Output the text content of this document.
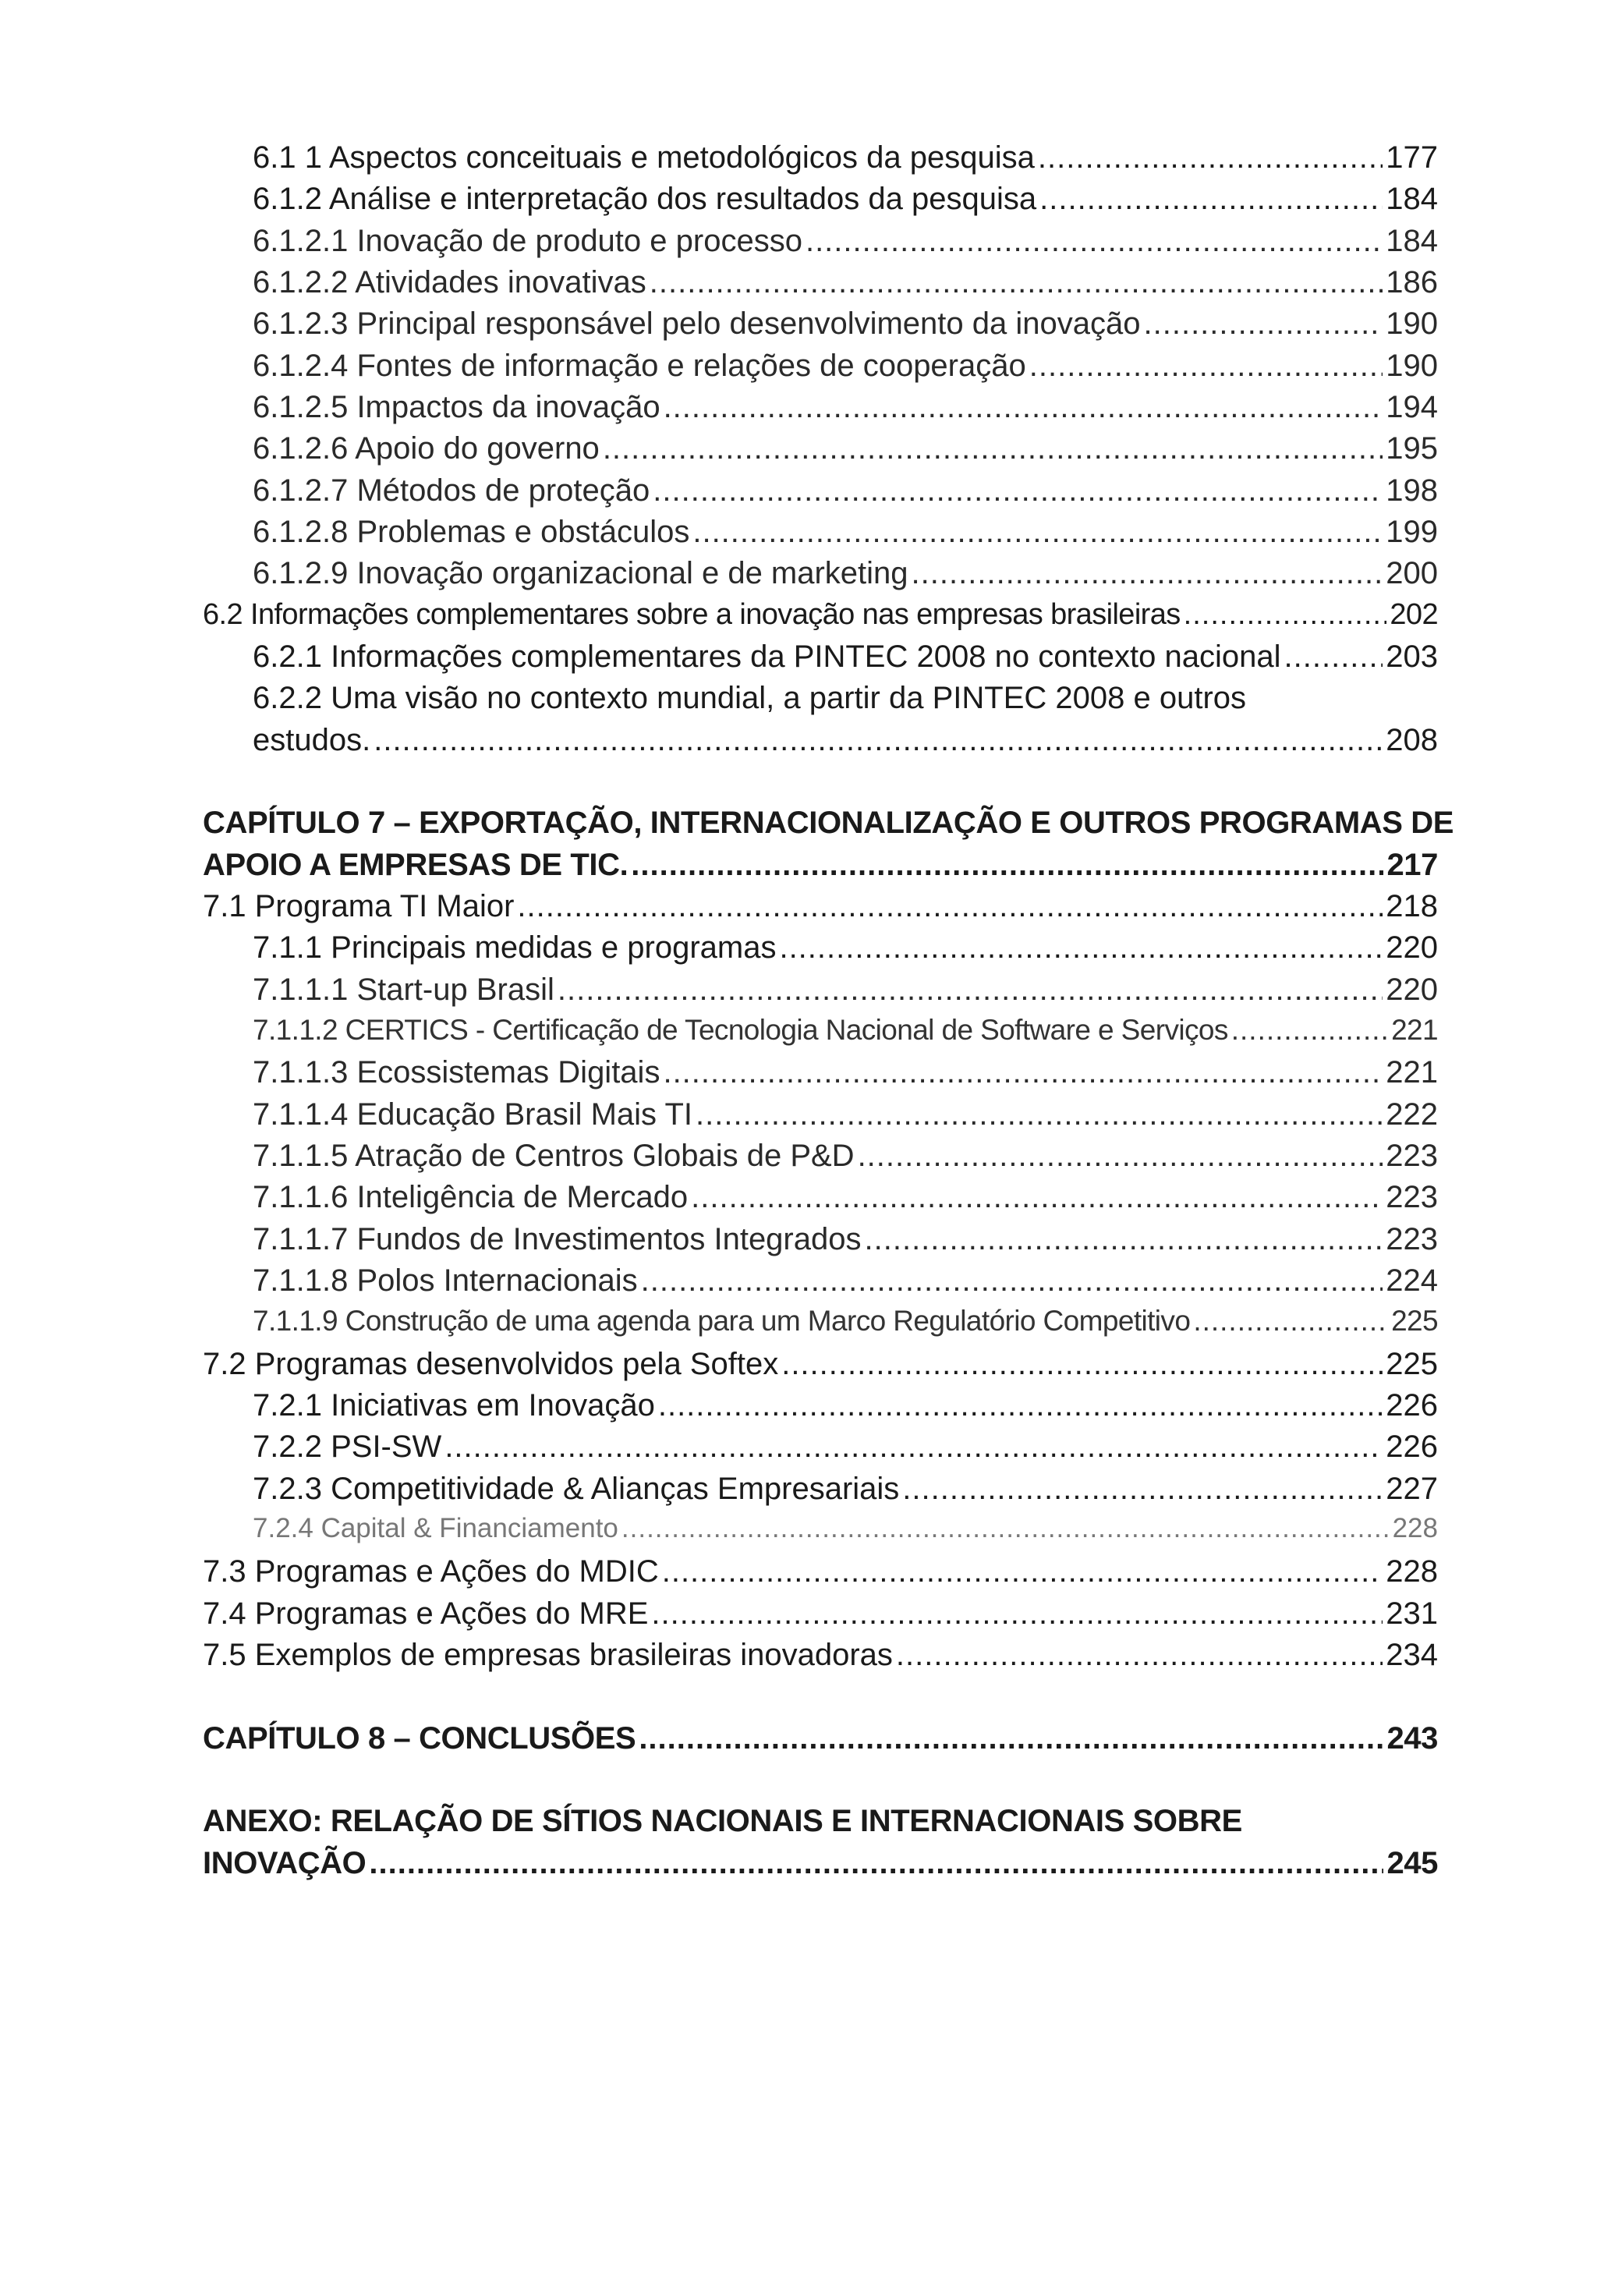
6.1 1 Aspectos conceituais e metodológicos da pesquisa .....	177
6.1.2 Análise e interpretação dos resultados da pesquisa .....	184
6.1.2.1 Inovação de produto e processo .....	184
6.1.2.2 Atividades inovativas .....	186
6.1.2.3 Principal responsável pelo desenvolvimento da inovação .....	190
6.1.2.4 Fontes de informação e relações de cooperação .....	190
6.1.2.5 Impactos da inovação .....	194
6.1.2.6 Apoio do governo .....	195
6.1.2.7 Métodos de proteção .....	198
6.1.2.8 Problemas e obstáculos .....	199
6.1.2.9 Inovação organizacional e de marketing .....	200
6.2 Informações complementares sobre a inovação nas empresas brasileiras .....	202
6.2.1 Informações complementares da PINTEC 2008 no contexto nacional .....	203
6.2.2 Uma visão no contexto mundial, a partir da PINTEC 2008 e outros
estudos. .....	208
CAPÍTULO 7 – EXPORTAÇÃO, INTERNACIONALIZAÇÃO E OUTROS PROGRAMAS DE
APOIO A EMPRESAS DE TIC. .....	217
7.1 Programa TI Maior .....	218
7.1.1 Principais medidas e programas .....	220
7.1.1.1 Start-up Brasil .....	220
7.1.1.2 CERTICS - Certificação de Tecnologia Nacional de Software e Serviços .....	221
7.1.1.3 Ecossistemas Digitais .....	221
7.1.1.4 Educação Brasil Mais TI .....	222
7.1.1.5 Atração de Centros Globais de P&D .....	223
7.1.1.6 Inteligência de Mercado .....	223
7.1.1.7 Fundos de Investimentos Integrados .....	223
7.1.1.8 Polos Internacionais .....	224
7.1.1.9 Construção de uma agenda para um Marco Regulatório Competitivo .....	225
7.2 Programas desenvolvidos pela Softex .....	225
7.2.1 Iniciativas em Inovação .....	226
7.2.2 PSI-SW .....	226
7.2.3 Competitividade & Alianças Empresariais .....	227
7.2.4 Capital & Financiamento .....	228
7.3 Programas e Ações do MDIC .....	228
7.4 Programas e Ações do MRE .....	231
7.5 Exemplos de empresas brasileiras inovadoras .....	234
CAPÍTULO 8 – CONCLUSÕES .....	243
ANEXO: RELAÇÃO DE SÍTIOS NACIONAIS E INTERNACIONAIS SOBRE
INOVAÇÃO .....	245
